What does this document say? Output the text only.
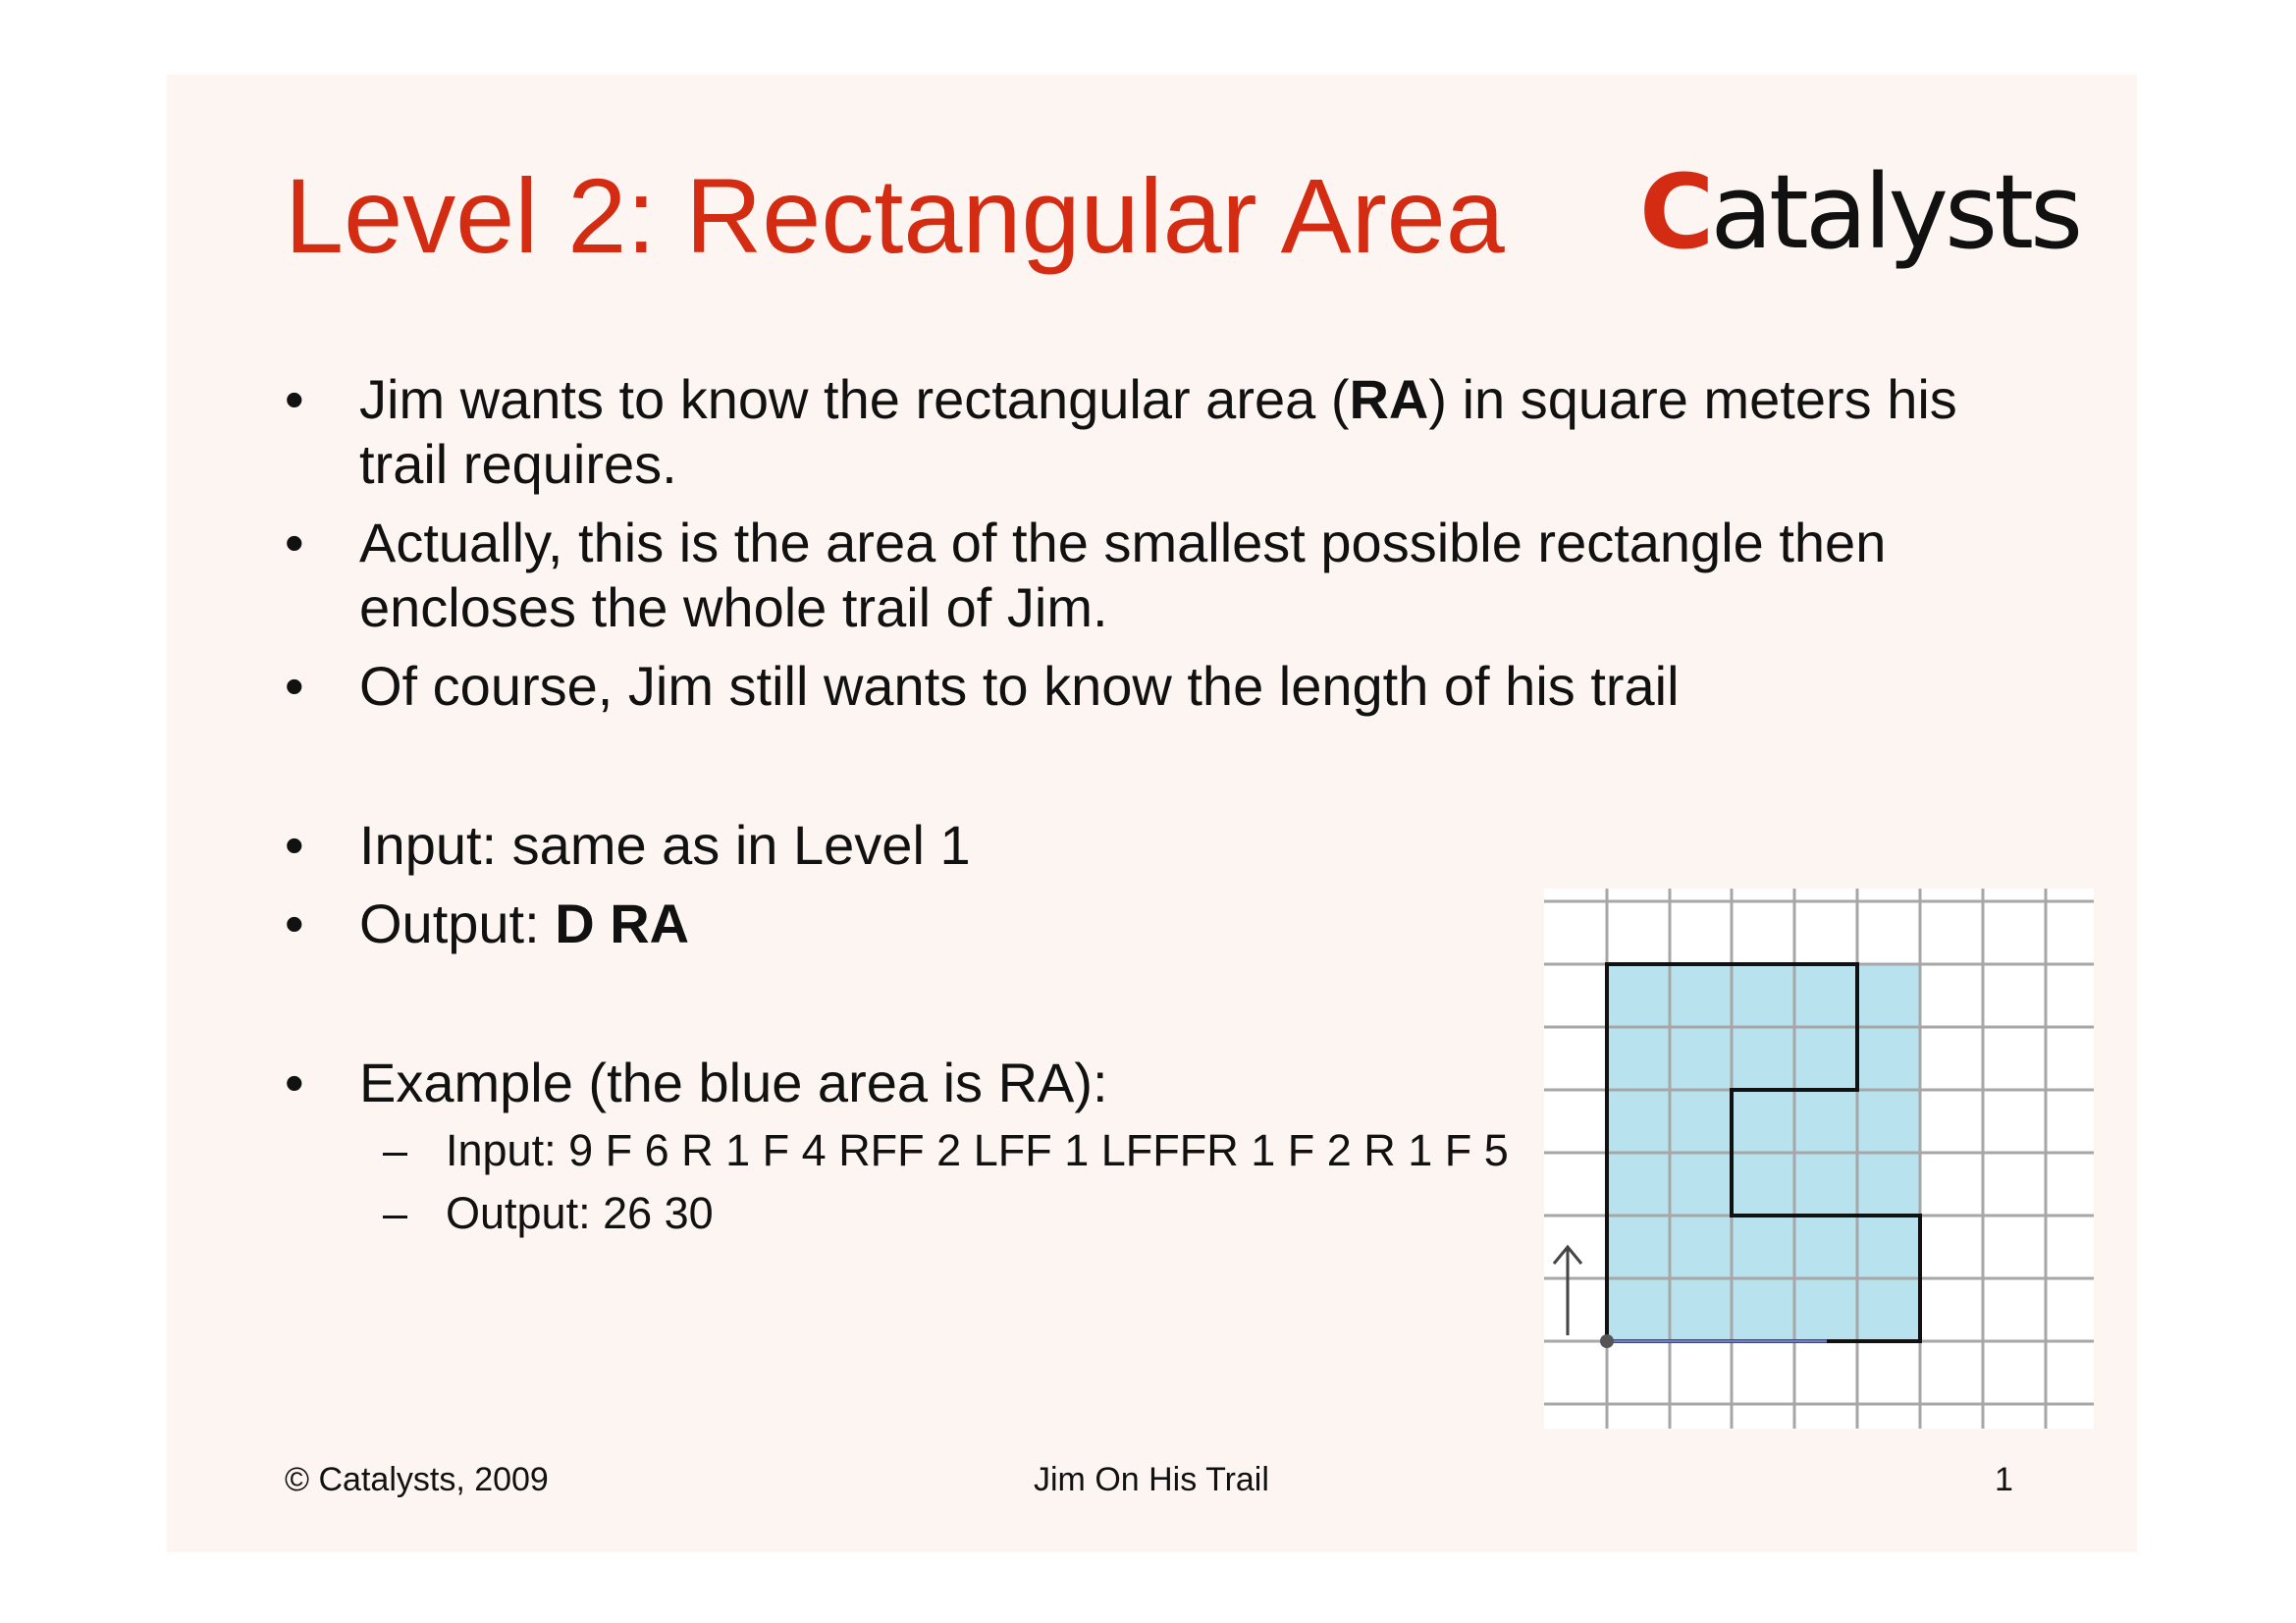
Level 2: Rectangular Area Catalysts
• Jim wants to know the rectangular area (RA) in square meters his trail requires.
• Actually, this is the area of the smallest possible rectangle then encloses the whole trail of Jim.
• Of course, Jim still wants to know the length of his trail
• Input: same as in Level 1
• Output: D RA
• Example (the blue area is RA):
– Input: 9 F 6 R 1 F 4 RFF 2 LFF 1 LFFFR 1 F 2 R 1 F 5
– Output: 26 30
© Catalysts, 2009	Jim On His Trail	1
